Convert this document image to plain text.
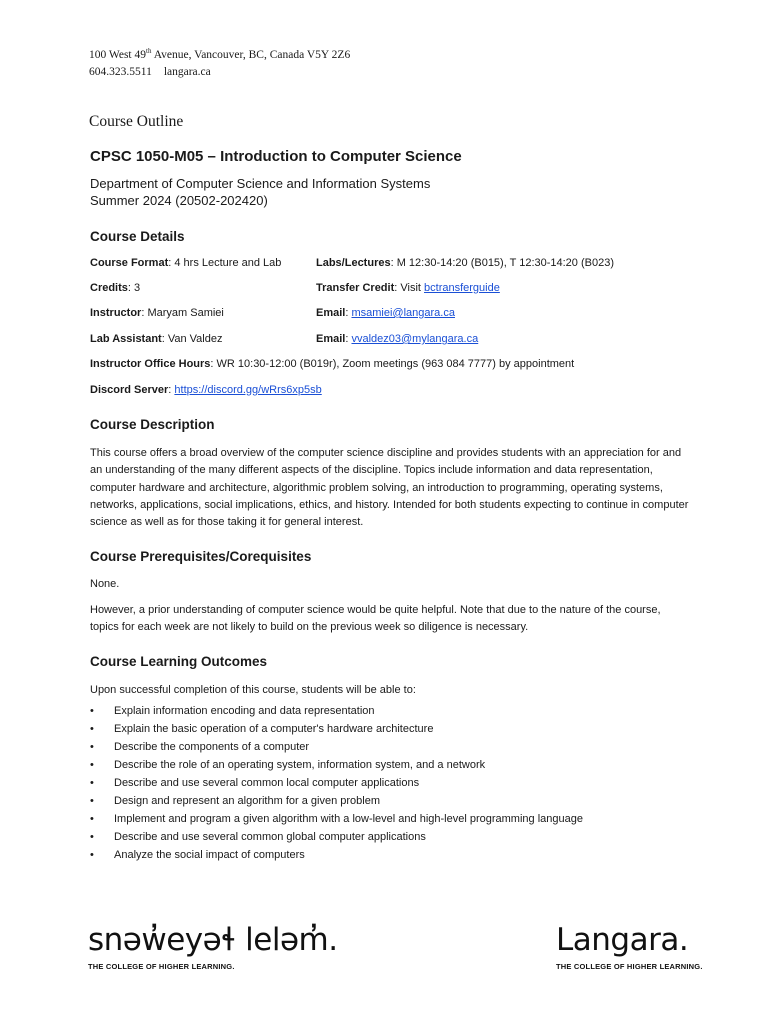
100 West 49th Avenue, Vancouver, BC, Canada V5Y 2Z6
604.323.5511 langara.ca
Course Outline
CPSC 1050-M05 – Introduction to Computer Science
Department of Computer Science and Information Systems
Summer 2024 (20502-202420)
Course Details
Course Format: 4 hrs Lecture and Lab	Labs/Lectures: M 12:30-14:20 (B015), T 12:30-14:20 (B023)
Credits: 3	Transfer Credit: Visit bctransferguide
Instructor: Maryam Samiei	Email: msamiei@langara.ca
Lab Assistant: Van Valdez	Email: vvaldez03@mylangara.ca
Instructor Office Hours: WR 10:30-12:00 (B019r), Zoom meetings (963 084 7777) by appointment
Discord Server: https://discord.gg/wRrs6xp5sb
Course Description

This course offers a broad overview of the computer science discipline and provides students with an appreciation for and an understanding of the many different aspects of the discipline. Topics include information and data representation, computer hardware and architecture, algorithmic problem solving, an introduction to programming, operating systems, networks, applications, social implications, ethics, and history. Intended for both students expecting to continue in computer science as well as for those taking it for general interest.

Course Prerequisites/Corequisites

None.

However, a prior understanding of computer science would be quite helpful. Note that due to the nature of the course, topics for each week are not likely to build on the previous week so diligence is necessary.

Course Learning Outcomes

Upon successful completion of this course, students will be able to:

• Explain information encoding and data representation
• Explain the basic operation of a computer's hardware architecture
• Describe the components of a computer
• Describe the role of an operating system, information system, and a network
• Describe and use several common local computer applications
• Design and represent an algorithm for a given problem
• Implement and program a given algorithm with a low-level and high-level programming language
• Describe and use several common global computer applications
• Analyze the social impact of computers
snəw̓eyəɬ leləm̓.
THE COLLEGE OF HIGHER LEARNING.
Langara.
THE COLLEGE OF HIGHER LEARNING.
